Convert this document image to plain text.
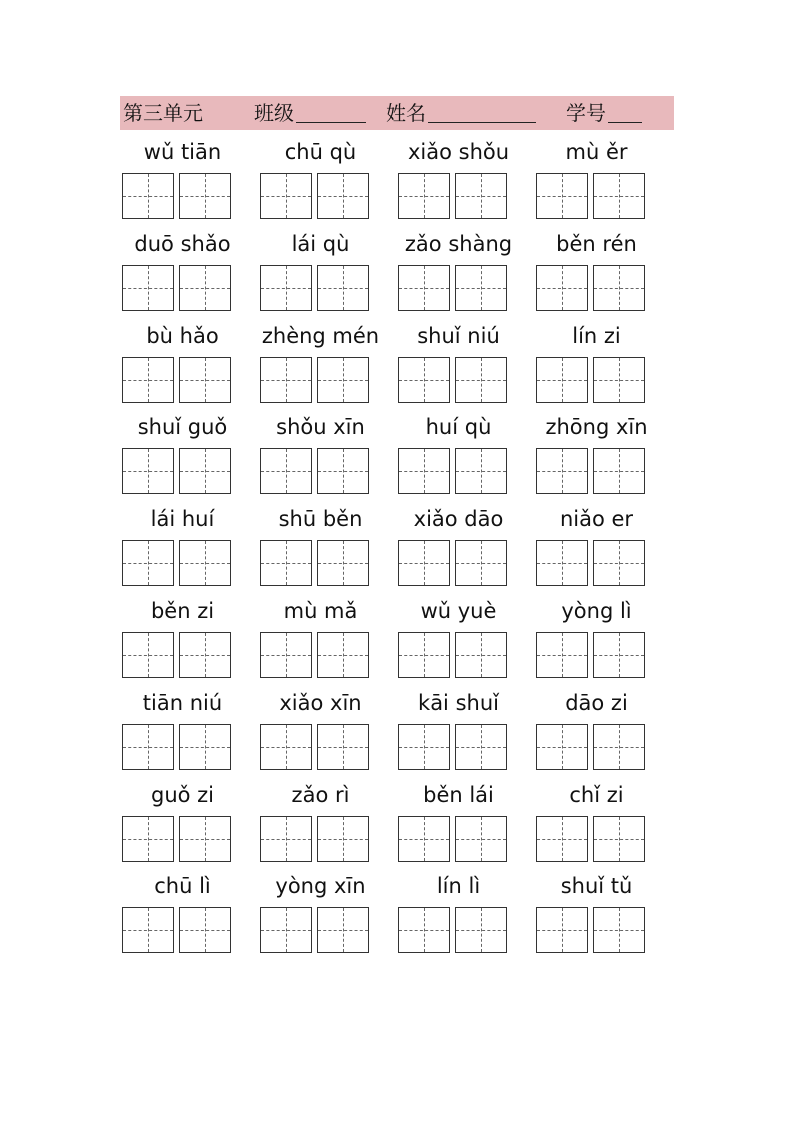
第三单元	班级	姓名	学号
wǔ tiān	chū qù	xiǎo shǒu	mù ěr
duō shǎo	lái qù	zǎo shàng	běn rén
bù hǎo	zhèng mén	shuǐ niú	lín zi
shuǐ guǒ	shǒu xīn	huí qù	zhōng xīn
lái huí	shū běn	xiǎo dāo	niǎo er
běn zi	mù mǎ	wǔ yuè	yòng lì
tiān niú	xiǎo xīn	kāi shuǐ	dāo zi
guǒ zi	zǎo rì	běn lái	chǐ zi
chū lì	yòng xīn	lín lì	shuǐ tǔ
